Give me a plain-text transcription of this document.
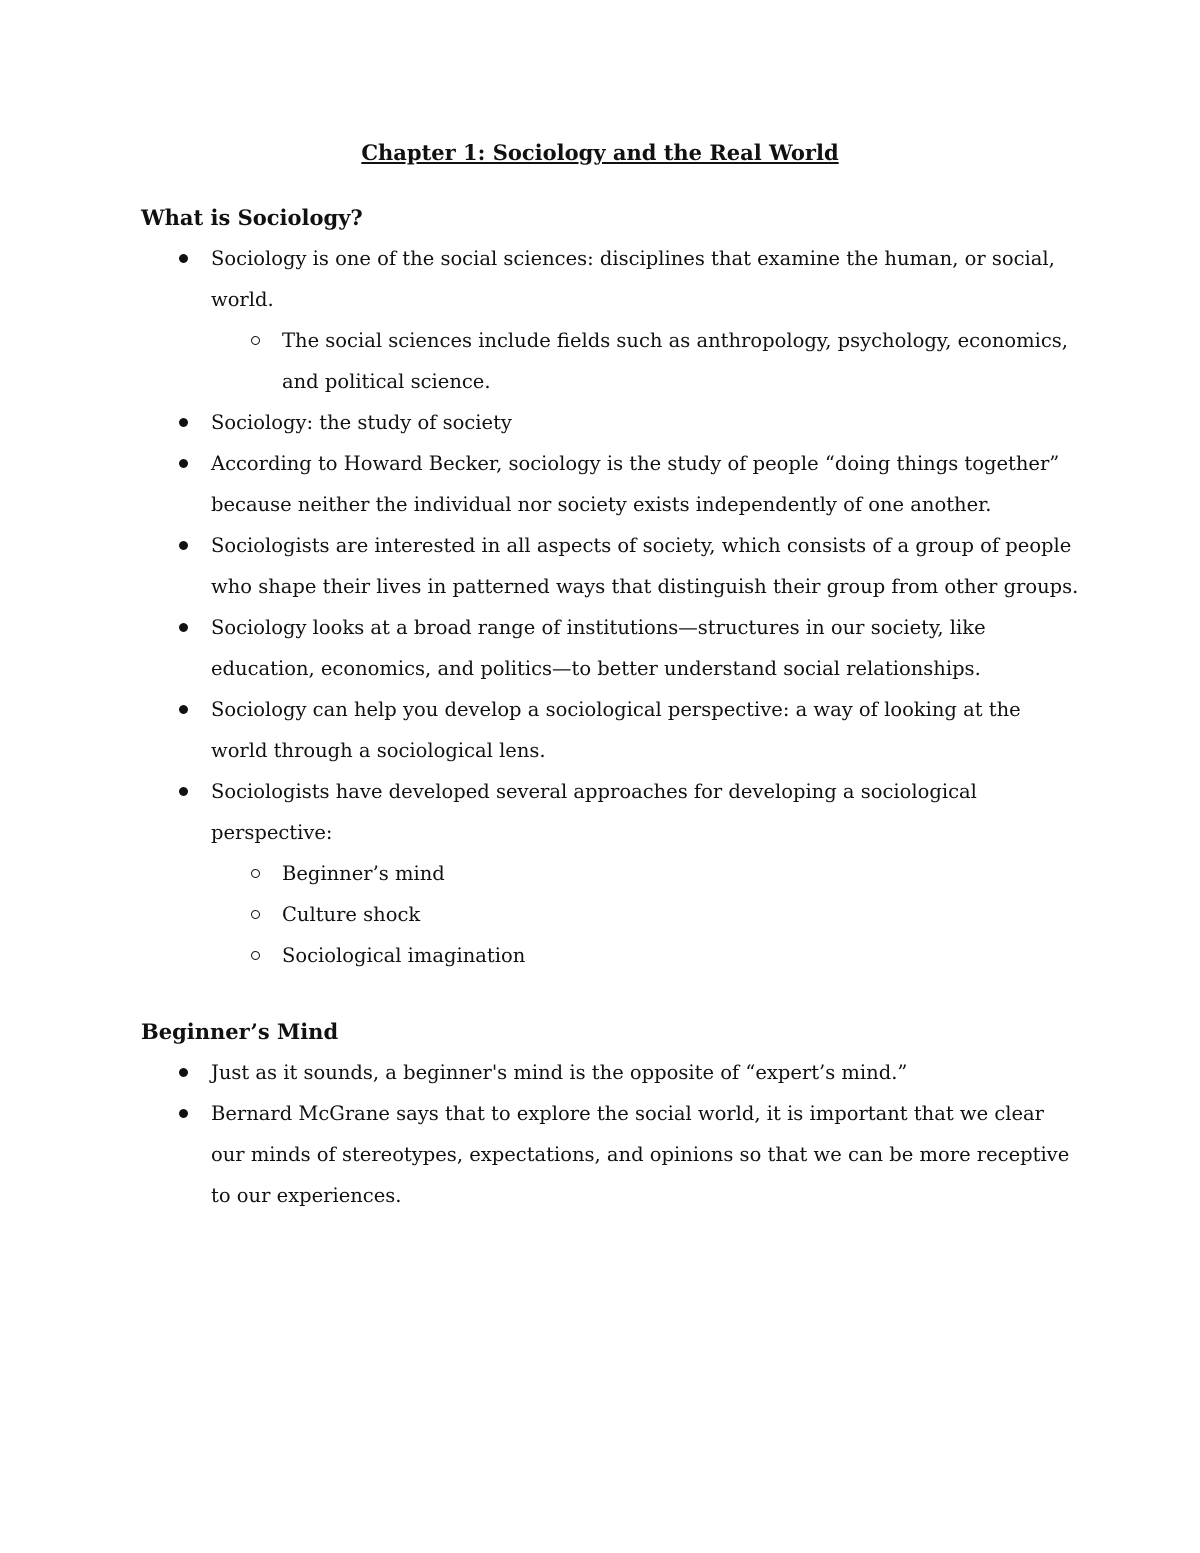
Chapter 1: Sociology and the Real World
What is Sociology?
Sociology is one of the social sciences: disciplines that examine the human, or social, world.
The social sciences include fields such as anthropology, psychology, economics, and political science.
Sociology: the study of society
According to Howard Becker, sociology is the study of people “doing things together” because neither the individual nor society exists independently of one another.
Sociologists are interested in all aspects of society, which consists of a group of people who shape their lives in patterned ways that distinguish their group from other groups.
Sociology looks at a broad range of institutions—structures in our society, like education, economics, and politics—to better understand social relationships.
Sociology can help you develop a sociological perspective: a way of looking at the world through a sociological lens.
Sociologists have developed several approaches for developing a sociological perspective:
Beginner’s mind
Culture shock
Sociological imagination
Beginner’s Mind
Just as it sounds, a beginner's mind is the opposite of “expert’s mind.”
Bernard McGrane says that to explore the social world, it is important that we clear our minds of stereotypes, expectations, and opinions so that we can be more receptive to our experiences.
